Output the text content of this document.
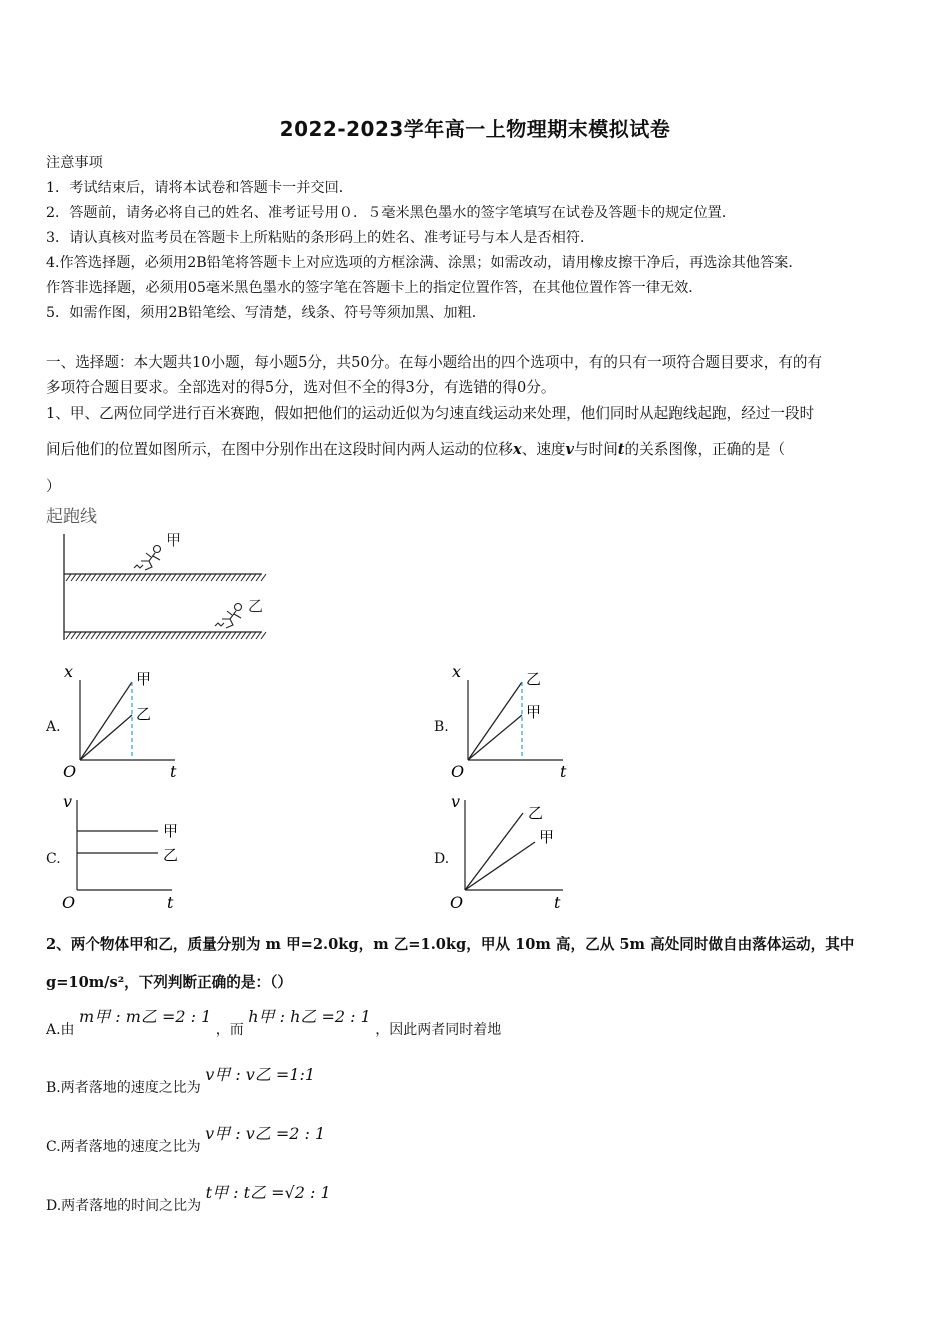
2022-2023学年高一上物理期末模拟试卷
注意事项
1．考试结束后，请将本试卷和答题卡一并交回．
2．答题前，请务必将自己的姓名、准考证号用０．５毫米黑色墨水的签字笔填写在试卷及答题卡的规定位置．
3．请认真核对监考员在答题卡上所粘贴的条形码上的姓名、准考证号与本人是否相符．
4.作答选择题，必须用2B铅笔将答题卡上对应选项的方框涂满、涂黑；如需改动，请用橡皮擦干净后，再选涂其他答案．
作答非选择题，必须用05毫米黑色墨水的签字笔在答题卡上的指定位置作答，在其他位置作答一律无效．
5．如需作图，须用2B铅笔绘、写清楚，线条、符号等须加黑、加粗．
一、选择题：本大题共10小题，每小题5分，共50分。在每小题给出的四个选项中，有的只有一项符合题目要求，有的有
多项符合题目要求。全部选对的得5分，选对但不全的得3分，有选错的得0分。
1、甲、乙两位同学进行百米赛跑，假如把他们的运动近似为匀速直线运动来处理，他们同时从起跑线起跑，经过一段时
间后他们的位置如图所示，在图中分别作出在这段时间内两人运动的位移x、速度v与时间t的关系图像，正确的是（
）
起跑线
甲
乙
A.
x
t
O
甲
乙
B.
x
t
O
乙
甲
C.
v
t
O
甲
乙	D.
v
t
O
乙
甲
2、两个物体甲和乙，质量分别为 m 甲=2.0kg，m 乙=1.0kg，甲从 10m 高，乙从 5m 高处同时做自由落体运动，其中
g=10m/s²，下列判断正确的是：（）
A.由 m甲 : m乙 =2 : 1 ，而 h甲 : h乙 =2 : 1 ，因此两者同时着地
B.两者落地的速度之比为 v甲 : v乙 =1:1
C.两者落地的速度之比为 v甲 : v乙 =2 : 1
D.两者落地的时间之比为 t甲 : t乙 =√2 : 1
